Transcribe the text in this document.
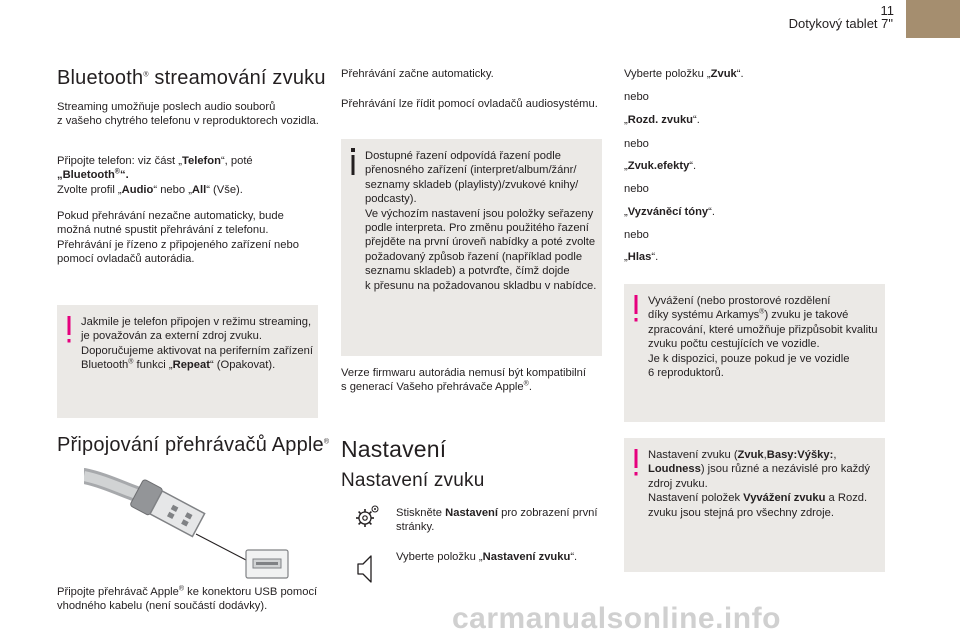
11
Dotykový tablet 7"
Bluetooth® streamování zvuku
Streaming umožňuje poslech audio souborů
z vašeho chytrého telefonu v reproduktorech vozidla.
Připojte telefon: viz část „Telefon“, poté
„Bluetooth®“.
Zvolte profil „Audio“ nebo „All“ (Vše).
Pokud přehrávání nezačne automaticky, bude
možná nutné spustit přehrávání z telefonu.
Přehrávání je řízeno z připojeného zařízení nebo
pomocí ovladačů autorádia.
Jakmile je telefon připojen v režimu streaming,
je považován za externí zdroj zvuku.
Doporučujeme aktivovat na periferním zařízení
Bluetooth® funkci „Repeat“ (Opakovat).
Připojování přehrávačů Apple®
Připojte přehrávač Apple® ke konektoru USB pomocí
vhodného kabelu (není součástí dodávky).
Přehrávání začne automaticky.
Přehrávání lze řídit pomocí ovladačů audiosystému.
Dostupné řazení odpovídá řazení podle
přenosného zařízení (interpret/album/žánr/
seznamy skladeb (playlisty)/zvukové knihy/
podcasty).
Ve výchozím nastavení jsou položky seřazeny
podle interpreta. Pro změnu použitého řazení
přejděte na první úroveň nabídky a poté zvolte
požadovaný způsob řazení (například podle
seznamu skladeb) a potvrďte, čímž dojde
k přesunu na požadovanou skladbu v nabídce.
Verze firmwaru autorádia nemusí být kompatibilní
s generací Vašeho přehrávače Apple®.
Nastavení
Nastavení zvuku
Stiskněte Nastavení pro zobrazení první
stránky.
Vyberte položku „Nastavení zvuku“.
Vyberte položku „Zvuk“.
nebo
„Rozd. zvuku“.
nebo
„Zvuk.efekty“.
nebo
„Vyzváněcí tóny“.
nebo
„Hlas“.
Vyvážení (nebo prostorové rozdělení
díky systému Arkamys®) zvuku je takové
zpracování, které umožňuje přizpůsobit kvalitu
zvuku počtu cestujících ve vozidle.
Je k dispozici, pouze pokud je ve vozidle
6 reproduktorů.
Nastavení zvuku (Zvuk,Basy:Výšky:,
Loudness) jsou různé a nezávislé pro každý
zdroj zvuku.
Nastavení položek Vyvážení zvuku a Rozd.
zvuku jsou stejná pro všechny zdroje.
carmanualsonline.info
